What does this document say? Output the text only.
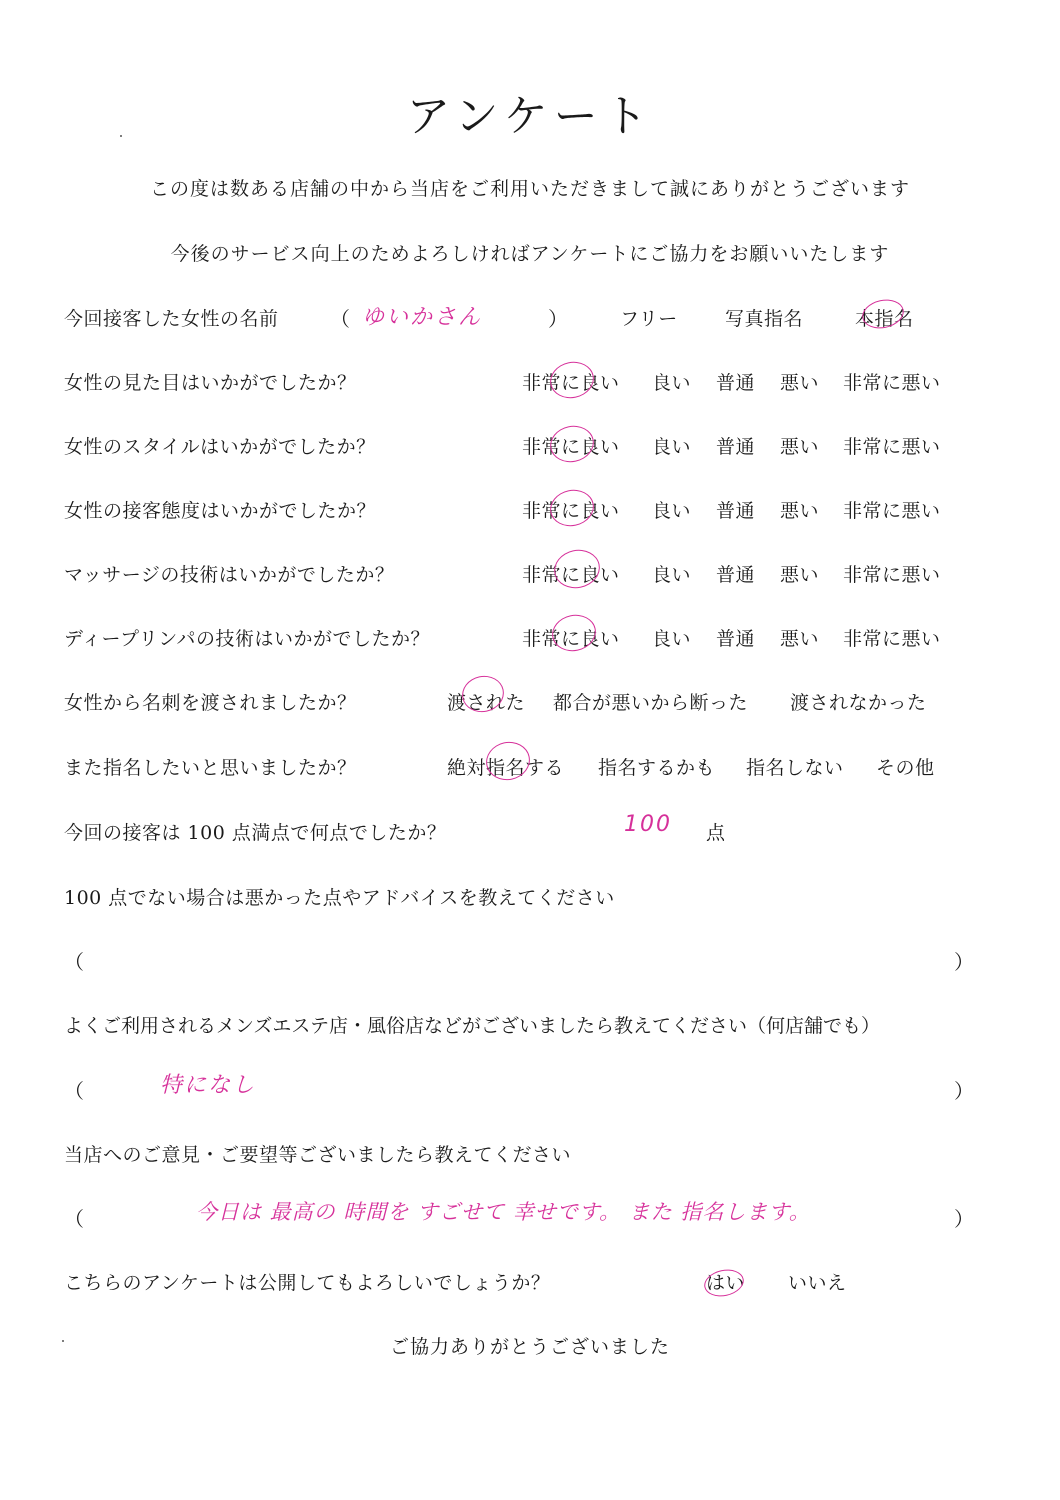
アンケート
この度は数ある店舗の中から当店をご利用いただきまして誠にありがとうございます
今後のサービス向上のためよろしければアンケートにご協力をお願いいたします
今回接客した女性の名前	（ ゆいかさん	）	フリー 写真指名	本指名
女性の見た目はいかがでしたか？	非常に良い 良い 普通 悪い 非常に悪い
女性のスタイルはいかがでしたか？	非常に良い 良い 普通 悪い 非常に悪い
女性の接客態度はいかがでしたか？	非常に良い 良い 普通 悪い 非常に悪い
マッサージの技術はいかがでしたか？	非常に良い 良い 普通 悪い 非常に悪い
ディープリンパの技術はいかがでしたか？	非常に良い 良い 普通 悪い 非常に悪い
女性から名刺を渡されましたか？	渡された 都合が悪いから断った 渡されなかった
また指名したいと思いましたか？	絶対指名する 指名するかも 指名しない その他
今回の接客は 100 点満点で何点でしたか？	100 点
100 点でない場合は悪かった点やアドバイスを教えてください
（	）
よくご利用されるメンズエステ店・風俗店などがございましたら教えてください（何店舗でも）
（	特になし	）
当店へのご意見・ご要望等ございましたら教えてください
（	今日は 最高の 時間を すごせて 幸せです。 また 指名します。	）
こちらのアンケートは公開してもよろしいでしょうか？	はい いいえ
ご協力ありがとうございました
